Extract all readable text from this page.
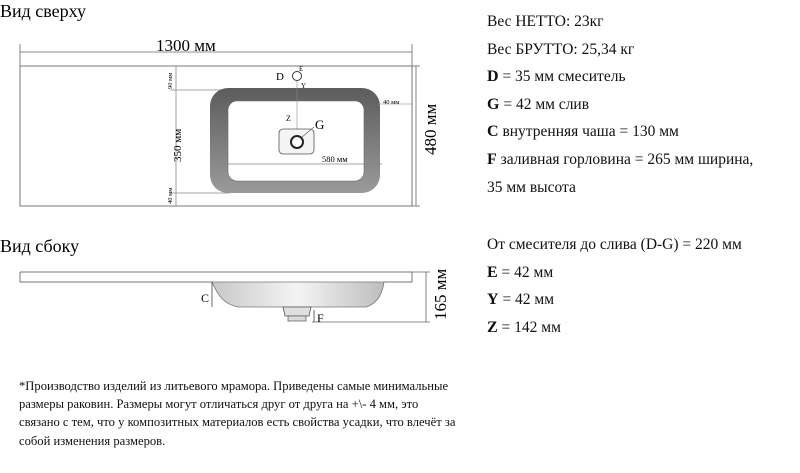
Вид сверху
1300 мм
480 мм
90 мм
350 мм
40 мм
40 мм
580 мм
D
E
Y
Z G
Вид сбоку
165 мм
C
F
Вес НЕТТО: 23кг
Вес БРУТТО: 25,34 кг
D = 35 мм смеситель
G = 42 мм слив
C внутренняя чаша = 130 мм
F заливная горловина = 265 мм ширина,
35 мм высота
От смесителя до слива (D-G) = 220 мм
E = 42 мм
Y = 42 мм
Z = 142 мм

*Производство изделий из литьевого мрамора. Приведены самые минимальные размеры раковин. Размеры могут отличаться друг от друга на +\- 4 мм, это связано с тем, что у композитных материалов есть свойства усадки, что влечёт за собой изменения размеров.
